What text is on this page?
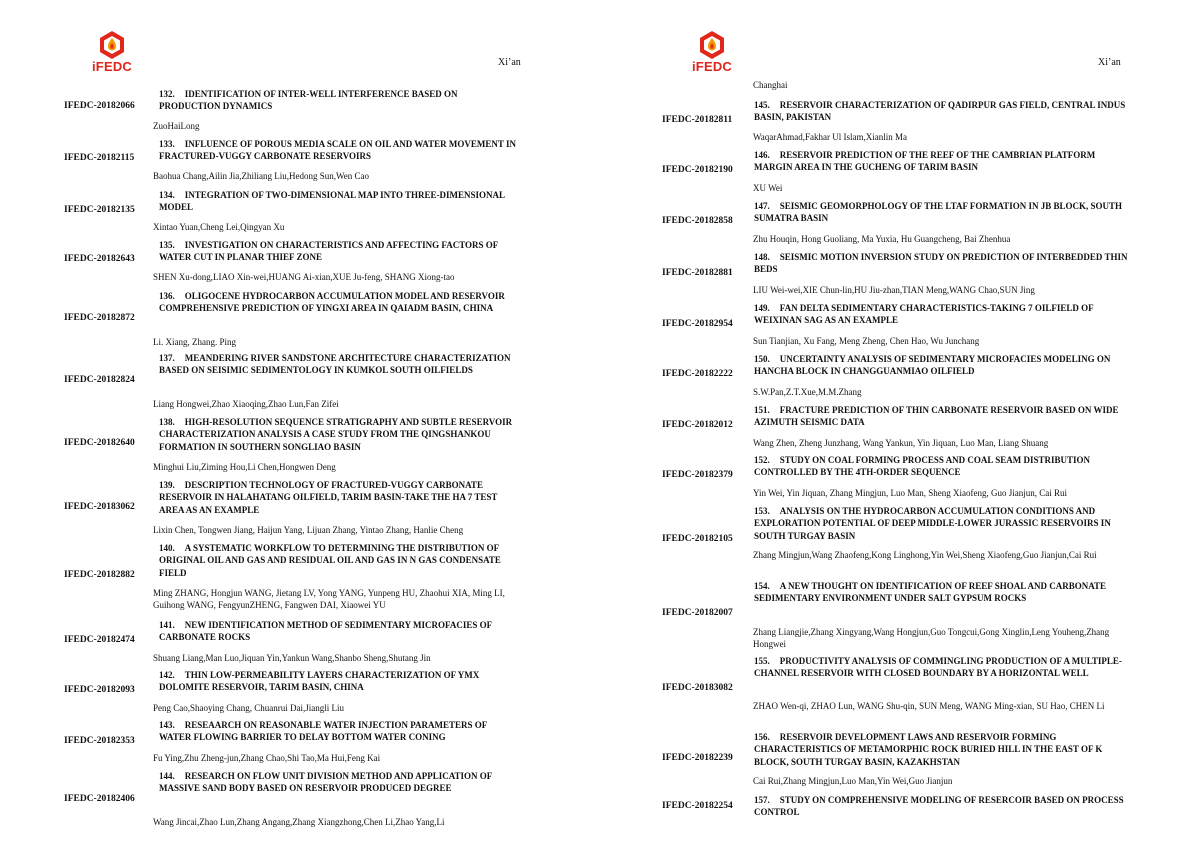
iFEDC	Xi’an
IFEDC-20182066
132. IDENTIFICATION OF INTER-WELL INTERFERENCE BASED ON PRODUCTION DYNAMICS
ZuoHaiLong
IFEDC-20182115
133. INFLUENCE OF POROUS MEDIA SCALE ON OIL AND WATER MOVEMENT IN FRACTURED-VUGGY CARBONATE RESERVOIRS
Baohua Chang,Ailin Jia,Zhiliang Liu,Hedong Sun,Wen Cao
IFEDC-20182135
134. INTEGRATION OF TWO-DIMENSIONAL MAP INTO THREE-DIMENSIONAL MODEL
Xintao Yuan,Cheng Lei,Qingyan Xu
IFEDC-20182643
135. INVESTIGATION ON CHARACTERISTICS AND AFFECTING FACTORS OF WATER CUT IN PLANAR THIEF ZONE
SHEN Xu-dong,LIAO Xin-wei,HUANG Ai-xian,XUE Ju-feng, SHANG Xiong-tao
IFEDC-20182872
136. OLIGOCENE HYDROCARBON ACCUMULATION MODEL AND RESERVOIR COMPREHENSIVE PREDICTION OF YINGXI AREA IN QAIADM BASIN, CHINA
Li. Xiang, Zhang. Ping
IFEDC-20182824
137. MEANDERING RIVER SANDSTONE ARCHITECTURE CHARACTERIZATION BASED ON SEISIMIC SEDIMENTOLOGY IN KUMKOL SOUTH OILFIELDS
Liang Hongwei,Zhao Xiaoqing,Zhao Lun,Fan Zifei
IFEDC-20182640
138. HIGH-RESOLUTION SEQUENCE STRATIGRAPHY AND SUBTLE RESERVOIR CHARACTERIZATION ANALYSIS A CASE STUDY FROM THE QINGSHANKOU FORMATION IN SOUTHERN SONGLIAO BASIN
Minghui Liu,Ziming Hou,Li Chen,Hongwen Deng
IFEDC-20183062
139. DESCRIPTION TECHNOLOGY OF FRACTURED-VUGGY CARBONATE RESERVOIR IN HALAHATANG OILFIELD, TARIM BASIN-TAKE THE HA 7 TEST AREA AS AN EXAMPLE
Lixin Chen, Tongwen Jiang, Haijun Yang, Lijuan Zhang, Yintao Zhang, Hanlie Cheng
IFEDC-20182882
140. A SYSTEMATIC WORKFLOW TO DETERMINING THE DISTRIBUTION OF ORIGINAL OIL AND GAS AND RESIDUAL OIL AND GAS IN N GAS CONDENSATE FIELD
Ming ZHANG, Hongjun WANG, Jietang LV, Yong YANG, Yunpeng HU, Zhaohui XIA, Ming LI, Guihong WANG, FengyunZHENG, Fangwen DAI, Xiaowei YU
IFEDC-20182474
141. NEW IDENTIFICATION METHOD OF SEDIMENTARY MICROFACIES OF CARBONATE ROCKS
Shuang Liang,Man Luo,Jiquan Yin,Yankun Wang,Shanbo Sheng,Shutang Jin
IFEDC-20182093
142. THIN LOW-PERMEABILITY LAYERS CHARACTERIZATION OF YMX DOLOMITE RESERVOIR, TARIM BASIN, CHINA
Peng Cao,Shaoying Chang, Chuanrui Dai,Jiangli Liu
IFEDC-20182353
143. RESEAARCH ON REASONABLE WATER INJECTION PARAMETERS OF WATER FLOWING BARRIER TO DELAY BOTTOM WATER CONING
Fu Ying,Zhu Zheng-jun,Zhang Chao,Shi Tao,Ma Hui,Feng Kai
IFEDC-20182406
144. RESEARCH ON FLOW UNIT DIVISION METHOD AND APPLICATION OF MASSIVE SAND BODY BASED ON RESERVOIR PRODUCED DEGREE
Wang Jincai,Zhao Lun,Zhang Angang,Zhang Xiangzhong,Chen Li,Zhao Yang,Li
iFEDC	Xi’an
Changhai
IFEDC-20182811
145. RESERVOIR CHARACTERIZATION OF QADIRPUR GAS FIELD, CENTRAL INDUS BASIN, PAKISTAN
WaqarAhmad,Fakhar Ul Islam,Xianlin Ma
IFEDC-20182190
146. RESERVOIR PREDICTION OF THE REEF OF THE CAMBRIAN PLATFORM MARGIN AREA IN THE GUCHENG OF TARIM BASIN
XU Wei
IFEDC-20182858
147. SEISMIC GEOMORPHOLOGY OF THE LTAF FORMATION IN JB BLOCK, SOUTH SUMATRA BASIN
Zhu Houqin, Hong Guoliang, Ma Yuxia, Hu Guangcheng, Bai Zhenhua
IFEDC-20182881
148. SEISMIC MOTION INVERSION STUDY ON PREDICTION OF INTERBEDDED THIN BEDS
LIU Wei-wei,XIE Chun-lin,HU Jiu-zhan,TIAN Meng,WANG Chao,SUN Jing
IFEDC-20182954
149. FAN DELTA SEDIMENTARY CHARACTERISTICS-TAKING 7 OILFIELD OF WEIXINAN SAG AS AN EXAMPLE
Sun Tianjian, Xu Fang, Meng Zheng, Chen Hao, Wu Junchang
IFEDC-20182222
150. UNCERTAINTY ANALYSIS OF SEDIMENTARY MICROFACIES MODELING ON HANCHA BLOCK IN CHANGGUANMIAO OILFIELD
S.W.Pan,Z.T.Xue,M.M.Zhang
IFEDC-20182012
151. FRACTURE PREDICTION OF THIN CARBONATE RESERVOIR BASED ON WIDE AZIMUTH SEISMIC DATA
Wang Zhen, Zheng Junzhang, Wang Yankun, Yin Jiquan, Luo Man, Liang Shuang
IFEDC-20182379
152. STUDY ON COAL FORMING PROCESS AND COAL SEAM DISTRIBUTION CONTROLLED BY THE 4TH-ORDER SEQUENCE
Yin Wei, Yin Jiquan, Zhang Mingjun, Luo Man, Sheng Xiaofeng, Guo Jianjun, Cai Rui
IFEDC-20182105
153. ANALYSIS ON THE HYDROCARBON ACCUMULATION CONDITIONS AND EXPLORATION POTENTIAL OF DEEP MIDDLE-LOWER JURASSIC RESERVOIRS IN SOUTH TURGAY BASIN
Zhang Mingjun,Wang Zhaofeng,Kong Linghong,Yin Wei,Sheng Xiaofeng,Guo Jianjun,Cai Rui
IFEDC-20182007
154. A NEW THOUGHT ON IDENTIFICATION OF REEF SHOAL AND CARBONATE SEDIMENTARY ENVIRONMENT UNDER SALT GYPSUM ROCKS
Zhang Liangjie,Zhang Xingyang,Wang Hongjun,Guo Tongcui,Gong Xinglin,Leng Youheng,Zhang Hongwei
IFEDC-20183082
155. PRODUCTIVITY ANALYSIS OF COMMINGLING PRODUCTION OF A MULTIPLE-CHANNEL RESERVOIR WITH CLOSED BOUNDARY BY A HORIZONTAL WELL
ZHAO Wen-qi, ZHAO Lun, WANG Shu-qin, SUN Meng, WANG Ming-xian, SU Hao, CHEN Li
IFEDC-20182239
156. RESERVOIR DEVELOPMENT LAWS AND RESERVOIR FORMING CHARACTERISTICS OF METAMORPHIC ROCK BURIED HILL IN THE EAST OF K BLOCK, SOUTH TURGAY BASIN, KAZAKHSTAN
Cai Rui,Zhang Mingjun,Luo Man,Yin Wei,Guo Jianjun
IFEDC-20182254
157. STUDY ON COMPREHENSIVE MODELING OF RESERCOIR BASED ON PROCESS CONTROL
